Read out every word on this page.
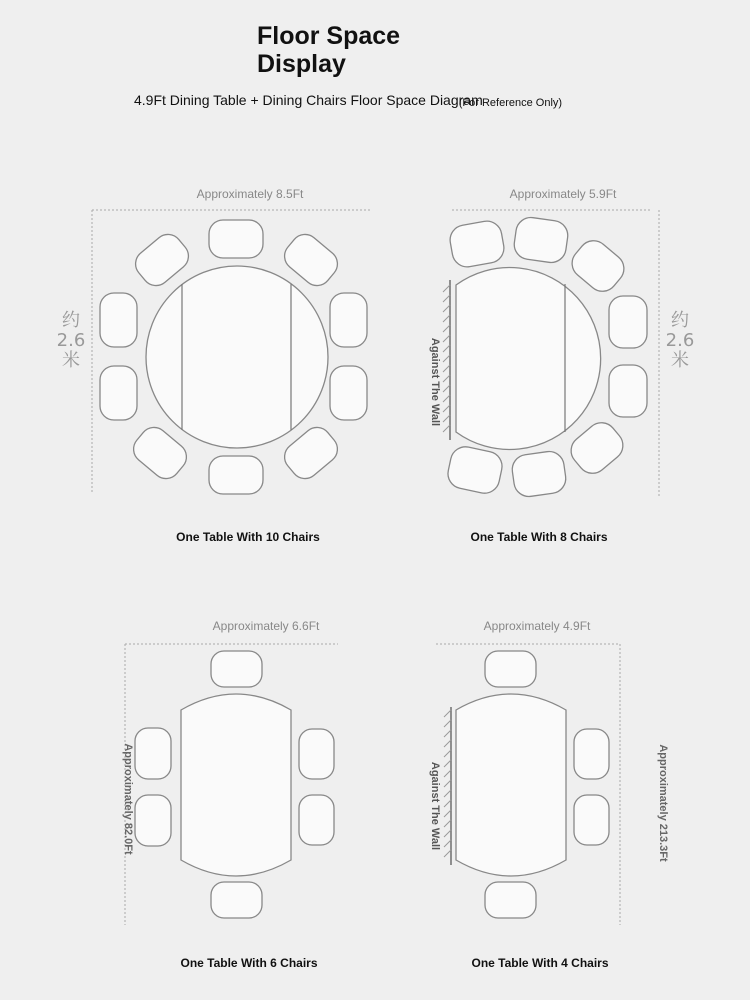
Floor Space
Display
4.9Ft Dining Table + Dining Chairs Floor Space Diagram(For Reference Only)
Approximately 8.5Ft	Approximately 5.9Ft
Approximately 6.6Ft	Approximately 4.9Ft
约
2.6
米
约
2.6
米
Approximately 82.0Ft	Approximately 213.3Ft
Against The Wall
Against The Wall
One Table With 10 Chairs	One Table With 8 Chairs
One Table With 6 Chairs	One Table With 4 Chairs
